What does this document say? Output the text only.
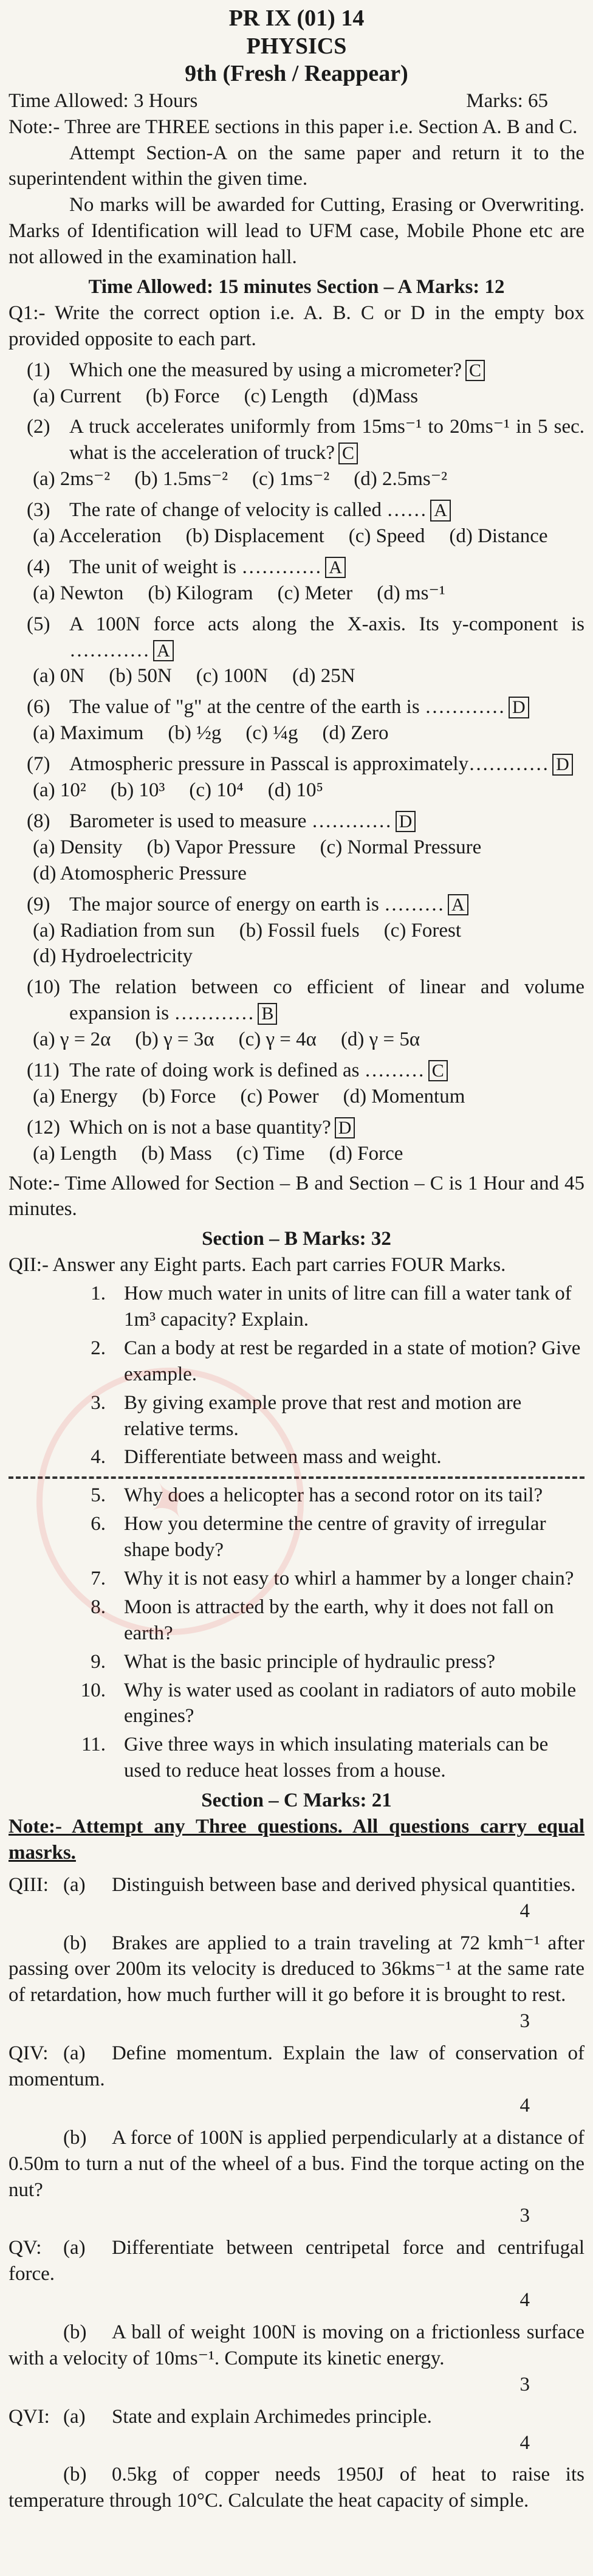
✦
PR IX (01) 14
PHYSICS
9th (Fresh / Reappear)
Time Allowed: 3 Hours	Marks: 65

Note:- Three are THREE sections in this paper i.e. Section A. B and C.

Attempt Section-A on the same paper and return it to the superintendent within the given time.

No marks will be awarded for Cutting, Erasing or Overwriting. Marks of Identification will lead to UFM case, Mobile Phone etc are not allowed in the examination hall.

Time Allowed: 15 minutes Section – A Marks: 12

Q1:- Write the correct option i.e. A. B. C or D in the empty box provided opposite to each part.

(1) Which one the measured by using a micrometer? C
(a) Current (b) Force (c) Length (d)Mass
(2) A truck accelerates uniformly from 15ms⁻¹ to 20ms⁻¹ in 5 sec. what is the acceleration of truck? C
(a) 2ms⁻² (b) 1.5ms⁻² (c) 1ms⁻² (d) 2.5ms⁻²
(3) The rate of change of velocity is called …… A
(a) Acceleration (b) Displacement (c) Speed (d) Distance
(4) The unit of weight is ………… A
(a) Newton (b) Kilogram (c) Meter (d) ms⁻¹
(5) A 100N force acts along the X-axis. Its y-component is ………… A
(a) 0N (b) 50N (c) 100N (d) 25N
(6) The value of "g" at the centre of the earth is ………… D
(a) Maximum (b) ½g (c) ¼g (d) Zero
(7) Atmospheric pressure in Passcal is approximately………… D
(a) 10² (b) 10³ (c) 10⁴ (d) 10⁵
(8) Barometer is used to measure ………… D
(a) Density (b) Vapor Pressure (c) Normal Pressure
(d) Atomospheric Pressure
(9) The major source of energy on earth is ……… A
(a) Radiation from sun (b) Fossil fuels (c) Forest
(d) Hydroelectricity
(10) The relation between co efficient of linear and volume expansion is ………… B
(a) γ = 2α (b) γ = 3α (c) γ = 4α (d) γ = 5α
(11) The rate of doing work is defined as ……… C
(a) Energy (b) Force (c) Power (d) Momentum
(12) Which on is not a base quantity? D
(a) Length (b) Mass (c) Time (d) Force

Note:- Time Allowed for Section – B and Section – C is 1 Hour and 45 minutes.

Section – B Marks: 32

QII:- Answer any Eight parts. Each part carries FOUR Marks.

1. How much water in units of litre can fill a water tank of 1m³ capacity? Explain.
2. Can a body at rest be regarded in a state of motion? Give example.
3. By giving example prove that rest and motion are relative terms.
4. Differentiate between mass and weight.
5. Why does a helicopter has a second rotor on its tail?
6. How you determine the centre of gravity of irregular shape body?
7. Why it is not easy to whirl a hammer by a longer chain?
8. Moon is attracted by the earth, why it does not fall on earth?
9. What is the basic principle of hydraulic press?
10. Why is water used as coolant in radiators of auto mobile engines?
11. Give three ways in which insulating materials can be used to reduce heat losses from a house.
Section – C Marks: 21

Note:- Attempt any Three questions. All questions carry equal masrks.

QIII: (a) Distinguish between base and derived physical quantities.

4

(b) Brakes are applied to a train traveling at 72 kmh⁻¹ after passing over 200m its velocity is dreduced to 36kms⁻¹ at the same rate of retardation, how much further will it go before it is brought to rest.

3

QIV: (a) Define momentum. Explain the law of conservation of momentum.

4

(b) A force of 100N is applied perpendicularly at a distance of 0.50m to turn a nut of the wheel of a bus. Find the torque acting on the nut?

3

QV: (a) Differentiate between centripetal force and centrifugal force.

4

(b) A ball of weight 100N is moving on a frictionless surface with a velocity of 10ms⁻¹. Compute its kinetic energy.

3

QVI: (a) State and explain Archimedes principle.

4

(b) 0.5kg of copper needs 1950J of heat to raise its temperature through 10°C. Calculate the heat capacity of simple.
